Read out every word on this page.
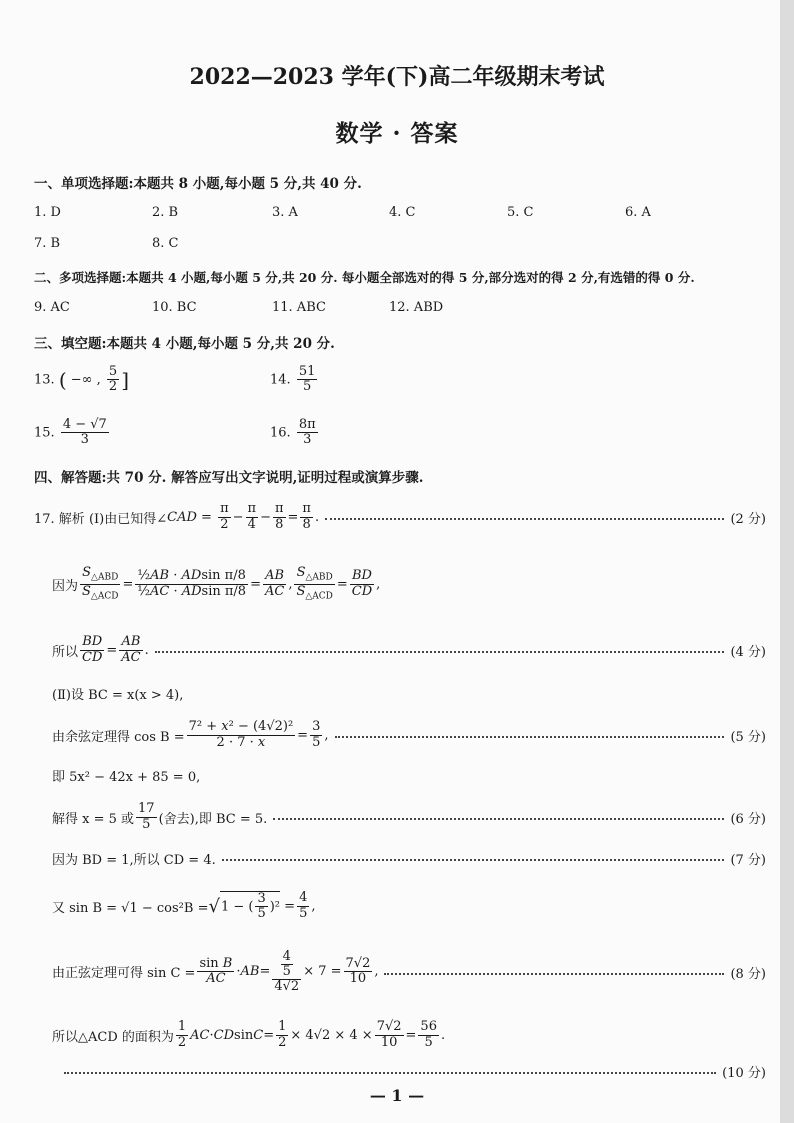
2022—2023 学年(下)高二年级期末考试
数学 · 答案
一、单项选择题:本题共 8 小题,每小题 5 分,共 40 分.
1. D	2. B	3. A	4. C	5. C	6. A
7. B	8. C
二、多项选择题:本题共 4 小题,每小题 5 分,共 20 分. 每小题全部选对的得 5 分,部分选对的得 2 分,有选错的得 0 分.
9. AC	10. BC	11. ABC	12. ABD
三、填空题:本题共 4 小题,每小题 5 分,共 20 分.
13. ( −∞ , $\frac{5}{2}$ ]	14. $\frac{51}{5}$
15. $\frac{4 - √7}{3}$	16. $\frac{8\pi}{3}$
四、解答题:共 70 分. 解答应写出文字说明,证明过程或演算步骤.
17. 解析 (Ⅰ)由已知得∠ CAD = $\frac{\pi}{2} - \frac{\pi}{4} - \frac{\pi}{8} = \frac{\pi}{8}$ .	(2 分)
因为 $\frac{S_{\triangle ABD}}{S_{\triangle ACD}} = \frac{\text{½AB · ADsin π/8}}{\text{½AC · ADsin π/8}} = \frac{AB}{AC}$ , $\frac{S_{\triangle ABD}}{S_{\triangle ACD}} = \frac{BD}{CD}$ ,
所以 $\frac{BD}{CD} = \frac{AB}{AC}$ .	(4 分)
(Ⅱ)设 BC = x(x > 4),
由余弦定理得 $\cos B = \frac{\text{7² + x² − (4√2)²}}{2 \cdot 7 \cdot x} = \frac{3}{5}$ ,	(5 分)
即 5x² − 42x + 85 = 0,
解得 x = 5 或 $\frac{17}{5}$ (舍去),即 BC = 5.	(6 分)
因为 BD = 1,所以 CD = 4.	(7 分)
又 sin B = √1 − cos²B = √ 1 − ( $\frac{3}{5} )^2 = \frac{4}{5}$ ,
由正弦定理可得 $\sin C = \frac{\text{sin B}}{AC}$ · AB = $\frac{\frac{4}{5}}{4√2} \times 7 = \frac{7√2}{10}$ ,	(8 分)
所以△ACD 的面积为 $\frac{1}{2}$ AC · CD $\sin C = \frac{1}{2} \times 4√2 \times 4 \times \frac{7√2}{10} = \frac{56}{5}$ .
(10 分)
— 1 —
